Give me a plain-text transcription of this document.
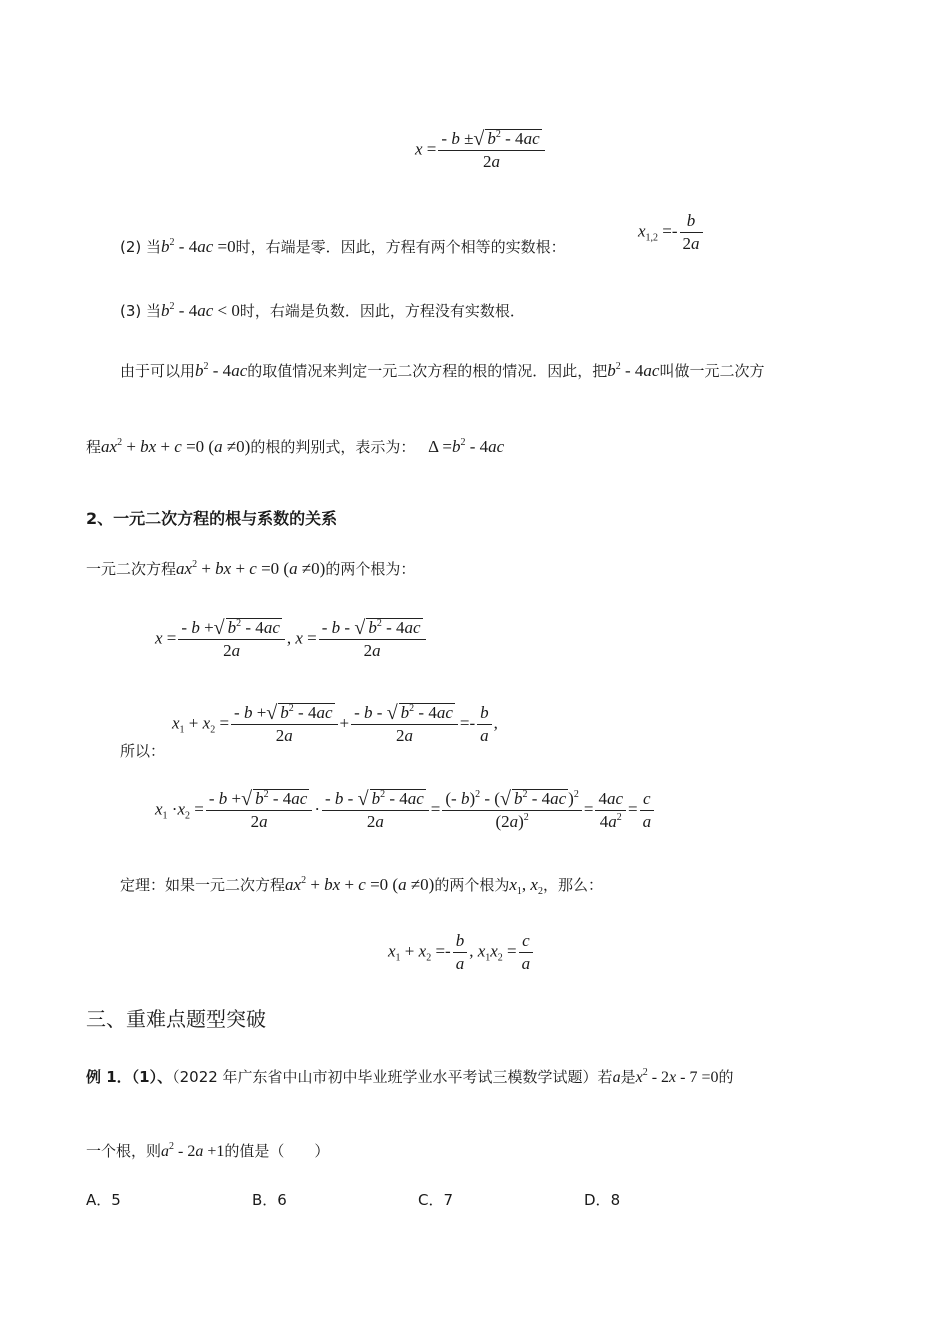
$x = \frac{- b \pm√ b^2 - 4ac}{2a}$
(2) 当$b^2 - 4ac =0$时，右端是零．因此，方程有两个相等的实数根：
$x_{1,2} =- \frac{b}{2a}$
(3) 当$b^2 - 4ac < 0$时，右端是负数．因此，方程没有实数根．
由于可以用$b^2 - 4ac$的取值情况来判定一元二次方程的根的情况．因此，把$b^2 - 4ac$叫做一元二次方
程$ax^2$ + bx + c =0 (a ≠0)的根的判别式，表示为： $\Delta =b^2 - 4ac$
2、一元二次方程的根与系数的关系
一元二次方程$ax^2$ + bx + c =0 (a ≠0)的两个根为：
$x = \frac{- b +√ b^2 - 4ac}{2a}$ , $x = \frac{- b - √ b^2 - 4ac}{2a}$
所以：
$x_1 + x_2 = \frac{- b +√ b^2 - 4ac}{2a} + \frac{- b - √ b^2 - 4ac}{2a} =- \frac{b}{a}$ ,
$x_1 \cdot x_2 = \frac{- b +√ b^2 - 4ac}{2a} \cdot \frac{- b - √ b^2 - 4ac}{2a} = \frac{(- b)^2 - (√ b^2 - 4ac )^2}{(2a)^2} = \frac{4ac}{4a^2} = \frac{c}{a}$
定理：如果一元二次方程$ax^2$ + bx + c =0 (a ≠0)的两个根为$x_1$, $x_2$，那么：
$x_1 + x_2 =- \frac{b}{a}$ , $x_1x_2 = \frac{c}{a}$
三、重难点题型突破
例 1．（1）、（2022 年广东省中山市初中毕业班学业水平考试三模数学试题）若a是$x^2 - 2x - 7 =0$的
一个根，则$a^2 - 2a +1$的值是（　　）
A．5	B．6	C．7	D．8
